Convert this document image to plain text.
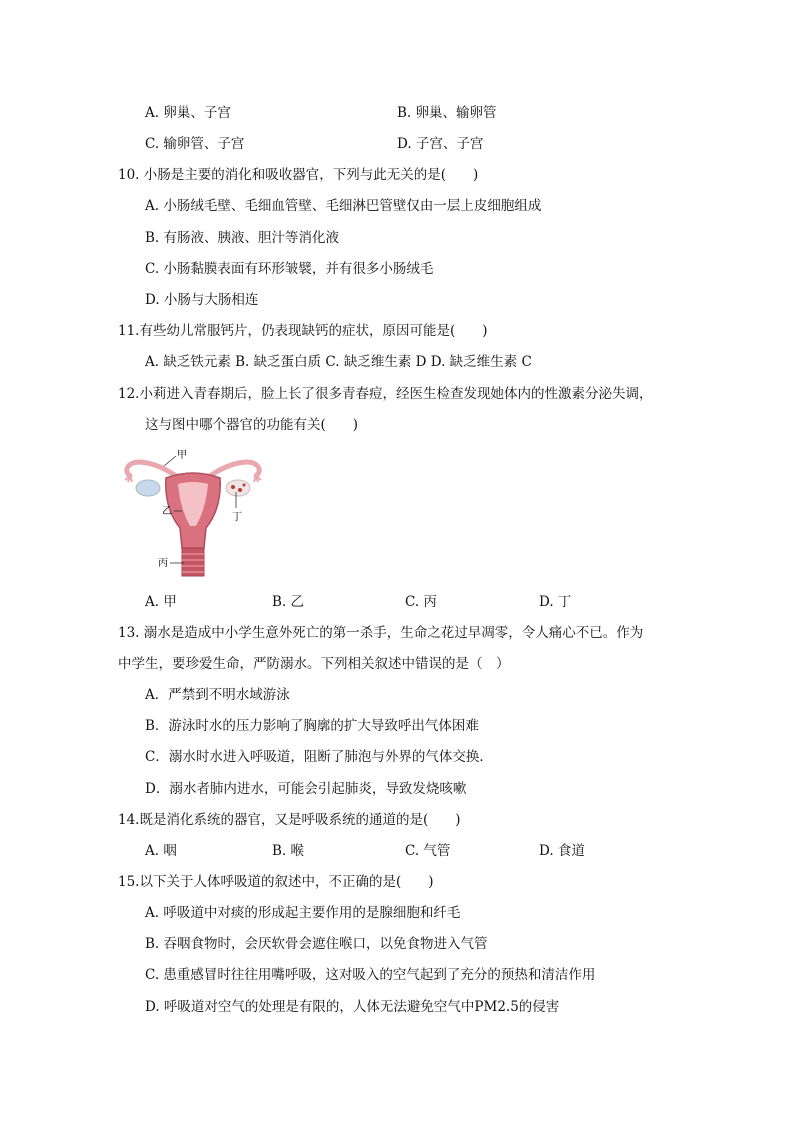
A. 卵巢、子宫	B. 卵巢、输卵管
C. 输卵管、子宫	D. 子宫、子宫
10. 小肠是主要的消化和吸收器官，下列与此无关的是(　　)
A. 小肠绒毛壁、毛细血管壁、毛细淋巴管壁仅由一层上皮细胞组成
B. 有肠液、胰液、胆汁等消化液
C. 小肠黏膜表面有环形皱襞，并有很多小肠绒毛
D. 小肠与大肠相连
11.有些幼儿常服钙片，仍表现缺钙的症状，原因可能是(　　)
A. 缺乏铁元素 B. 缺乏蛋白质 C. 缺乏维生素 D D. 缺乏维生素 C
12.小莉进入青春期后，脸上长了很多青春痘，经医生检查发现她体内的性激素分泌失调，
这与图中哪个器官的功能有关(　　)
甲
乙
丁
丙
A. 甲	B. 乙	C. 丙	D. 丁
13. 溺水是造成中小学生意外死亡的第一杀手，生命之花过早凋零，令人痛心不已。作为
中学生，要珍爱生命，严防溺水。下列相关叙述中错误的是（　）
A．严禁到不明水域游泳
B．游泳时水的压力影响了胸廓的扩大导致呼出气体困难
C．溺水时水进入呼吸道，阻断了肺泡与外界的气体交换．
D．溺水者肺内进水，可能会引起肺炎，导致发烧咳嗽
14.既是消化系统的器官，又是呼吸系统的通道的是(　　)
A. 咽	B. 喉	C. 气管	D. 食道
15.以下关于人体呼吸道的叙述中，不正确的是(　　)
A. 呼吸道中对痰的形成起主要作用的是腺细胞和纤毛
B. 吞咽食物时，会厌软骨会遮住喉口，以免食物进入气管
C. 患重感冒时往往用嘴呼吸，这对吸入的空气起到了充分的预热和清洁作用
D. 呼吸道对空气的处理是有限的，人体无法避免空气中PM2.5的侵害
